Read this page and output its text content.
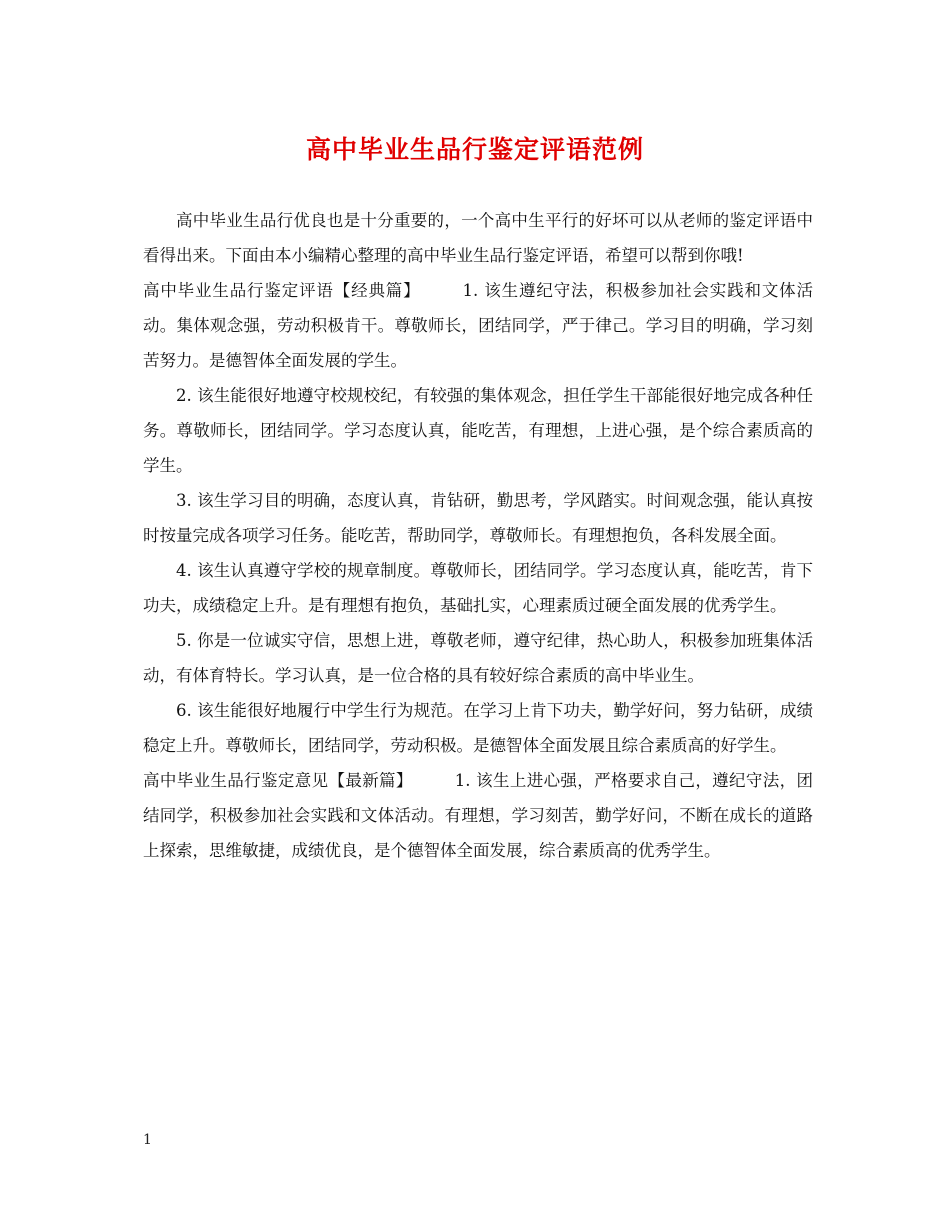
高中毕业生品行鉴定评语范例

高中毕业生品行优良也是十分重要的，一个高中生平行的好坏可以从老师的鉴定评语中看得出来。下面由本小编精心整理的高中毕业生品行鉴定评语，希望可以帮到你哦!

高中毕业生品行鉴定评语【经典篇】	1. 该生遵纪守法，积极参加社会实践和文体活动。集体观念强，劳动积极肯干。尊敬师长，团结同学，严于律己。学习目的明确，学习刻苦努力。是德智体全面发展的学生。

2. 该生能很好地遵守校规校纪，有较强的集体观念，担任学生干部能很好地完成各种任务。尊敬师长，团结同学。学习态度认真，能吃苦，有理想，上进心强，是个综合素质高的学生。

3. 该生学习目的明确，态度认真，肯钻研，勤思考，学风踏实。时间观念强，能认真按时按量完成各项学习任务。能吃苦，帮助同学，尊敬师长。有理想抱负，各科发展全面。

4. 该生认真遵守学校的规章制度。尊敬师长，团结同学。学习态度认真，能吃苦，肯下功夫，成绩稳定上升。是有理想有抱负，基础扎实，心理素质过硬全面发展的优秀学生。

5. 你是一位诚实守信，思想上进，尊敬老师，遵守纪律，热心助人，积极参加班集体活动，有体育特长。学习认真，是一位合格的具有较好综合素质的高中毕业生。

6. 该生能很好地履行中学生行为规范。在学习上肯下功夫，勤学好问，努力钻研，成绩稳定上升。尊敬师长，团结同学，劳动积极。是德智体全面发展且综合素质高的好学生。

高中毕业生品行鉴定意见【最新篇】	1. 该生上进心强，严格要求自己，遵纪守法，团结同学，积极参加社会实践和文体活动。有理想，学习刻苦，勤学好问，不断在成长的道路上探索，思维敏捷，成绩优良，是个德智体全面发展，综合素质高的优秀学生。

1
